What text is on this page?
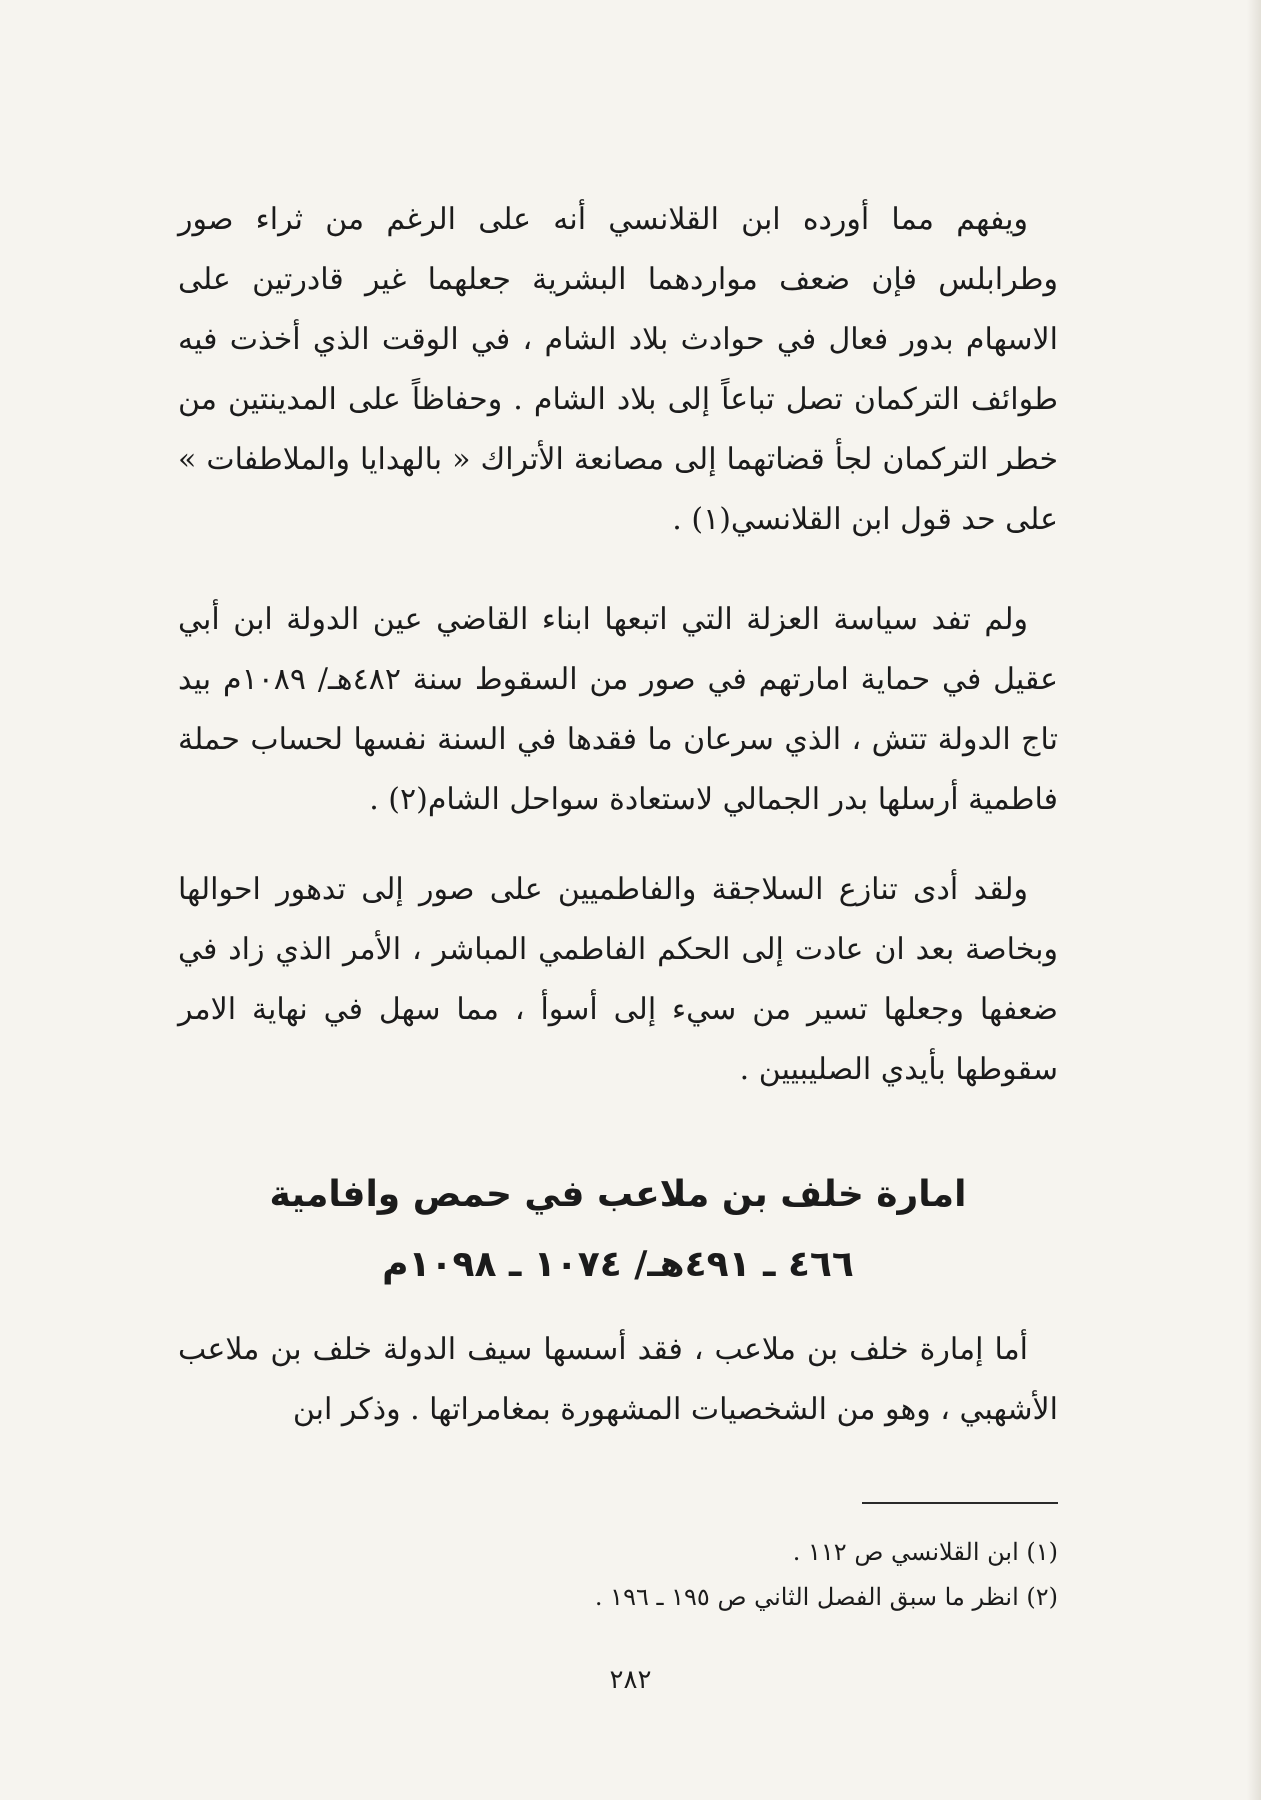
ويفهم مما أورده ابن القلانسي أنه على الرغم من ثراء صور وطرابلس فإن ضعف مواردهما البشرية جعلهما غير قادرتين على الاسهام بدور فعال في حوادث بلاد الشام ، في الوقت الذي أخذت فيه طوائف التركمان تصل تباعاً إلى بلاد الشام . وحفاظاً على المدينتين من خطر التركمان لجأ قضاتهما إلى مصانعة الأتراك « بالهدايا والملاطفات » على حد قول ابن القلانسي(١) .

ولم تفد سياسة العزلة التي اتبعها ابناء القاضي عين الدولة ابن أبي عقيل في حماية امارتهم في صور من السقوط سنة ٤٨٢هـ/ ١٠٨٩م بيد تاج الدولة تتش ، الذي سرعان ما فقدها في السنة نفسها لحساب حملة فاطمية أرسلها بدر الجمالي لاستعادة سواحل الشام(٢) .

ولقد أدى تنازع السلاجقة والفاطميين على صور إلى تدهور احوالها وبخاصة بعد ان عادت إلى الحكم الفاطمي المباشر ، الأمر الذي زاد في ضعفها وجعلها تسير من سيء إلى أسوأ ، مما سهل في نهاية الامر سقوطها بأيدي الصليبيين .

امارة خلف بن ملاعب في حمص وافامية
٤٦٦ ـ ٤٩١هـ/ ١٠٧٤ ـ ١٠٩٨م

أما إمارة خلف بن ملاعب ، فقد أسسها سيف الدولة خلف بن ملاعب الأشهبي ، وهو من الشخصيات المشهورة بمغامراتها . وذكر ابن

(١) ابن القلانسي ص ١١٢ .
(٢) انظر ما سبق الفصل الثاني ص ١٩٥ ـ ١٩٦ .
٢٨٢
